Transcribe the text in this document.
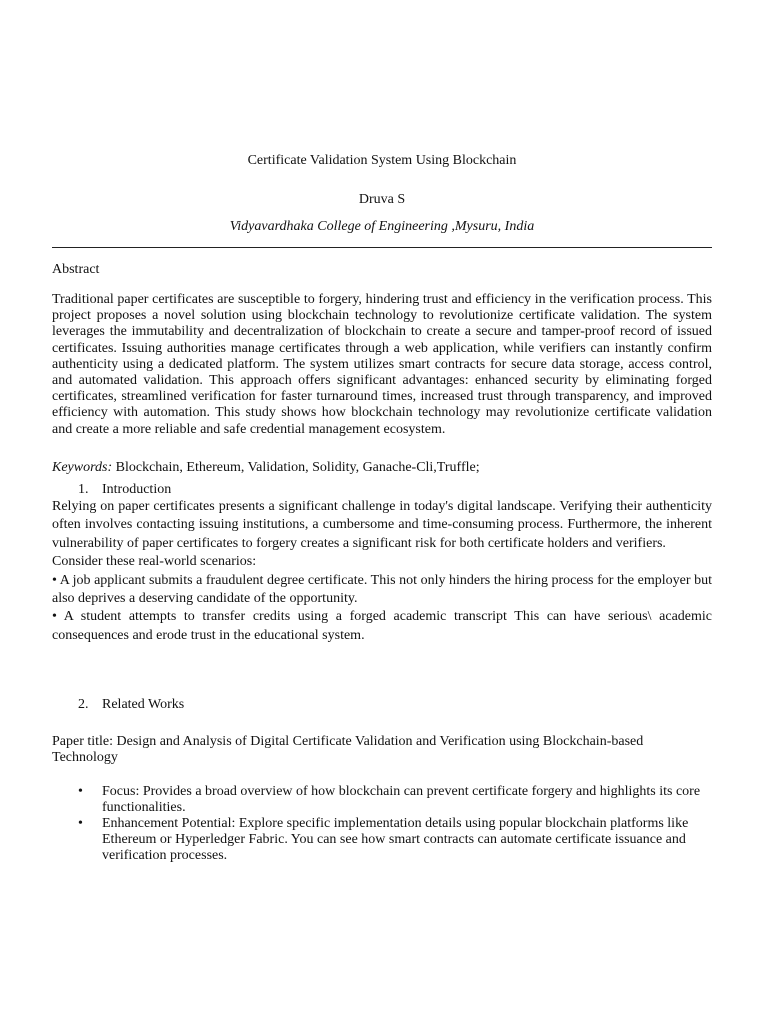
Certificate Validation System Using Blockchain
Druva S
Vidyavardhaka College of Engineering ,Mysuru, India
Abstract
Traditional paper certificates are susceptible to forgery, hindering trust and efficiency in the verification process. This project proposes a novel solution using blockchain technology to revolutionize certificate validation. The system leverages the immutability and decentralization of blockchain to create a secure and tamper-proof record of issued certificates. Issuing authorities manage certificates through a web application, while verifiers can instantly confirm authenticity using a dedicated platform. The system utilizes smart contracts for secure data storage, access control, and automated validation. This approach offers significant advantages: enhanced security by eliminating forged certificates, streamlined verification for faster turnaround times, increased trust through transparency, and improved efficiency with automation. This study shows how blockchain technology may revolutionize certificate validation and create a more reliable and safe credential management ecosystem.
Keywords: Blockchain, Ethereum, Validation, Solidity, Ganache-Cli,Truffle;
1. Introduction

Relying on paper certificates presents a significant challenge in today's digital landscape. Verifying their authenticity often involves contacting issuing institutions, a cumbersome and time-consuming process. Furthermore, the inherent vulnerability of paper certificates to forgery creates a significant risk for both certificate holders and verifiers.

Consider these real-world scenarios:

• A job applicant submits a fraudulent degree certificate. This not only hinders the hiring process for the employer but also deprives a deserving candidate of the opportunity.

• A student attempts to transfer credits using a forged academic transcript This can have serious\ academic consequences and erode trust in the educational system.

2. Related Works
Paper title: Design and Analysis of Digital Certificate Validation and Verification using Blockchain-based Technology
• Focus: Provides a broad overview of how blockchain can prevent certificate forgery and highlights its core functionalities.
• Enhancement Potential: Explore specific implementation details using popular blockchain platforms like Ethereum or Hyperledger Fabric. You can see how smart contracts can automate certificate issuance and verification processes.
